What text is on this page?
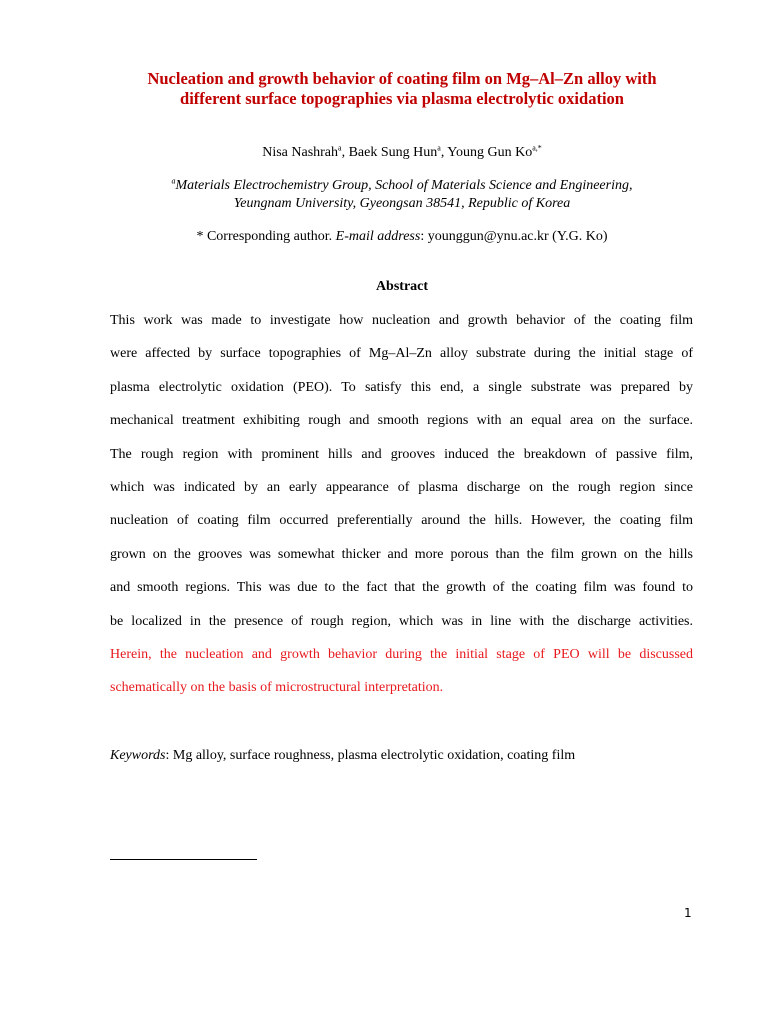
Nucleation and growth behavior of coating film on Mg–Al–Zn alloy with
different surface topographies via plasma electrolytic oxidation
Nisa Nashrah$^a$, Baek Sung Hun$^a$, Young Gun $Ko^{a,*}$
$^a$Materials Electrochemistry Group, School of Materials Science and Engineering,
Yeungnam University, Gyeongsan 38541, Republic of Korea
* Corresponding author. E-mail address: younggun@ynu.ac.kr (Y.G. Ko)
Abstract
This work was made to investigate how nucleation and growth behavior of the coating film
were affected by surface topographies of Mg–Al–Zn alloy substrate during the initial stage of
plasma electrolytic oxidation (PEO). To satisfy this end, a single substrate was prepared by
mechanical treatment exhibiting rough and smooth regions with an equal area on the surface.
The rough region with prominent hills and grooves induced the breakdown of passive film,
which was indicated by an early appearance of plasma discharge on the rough region since
nucleation of coating film occurred preferentially around the hills. However, the coating film
grown on the grooves was somewhat thicker and more porous than the film grown on the hills
and smooth regions. This was due to the fact that the growth of the coating film was found to
be localized in the presence of rough region, which was in line with the discharge activities.
Herein, the nucleation and growth behavior during the initial stage of PEO will be discussed
schematically on the basis of microstructural interpretation.
Keywords: Mg alloy, surface roughness, plasma electrolytic oxidation, coating film
1
